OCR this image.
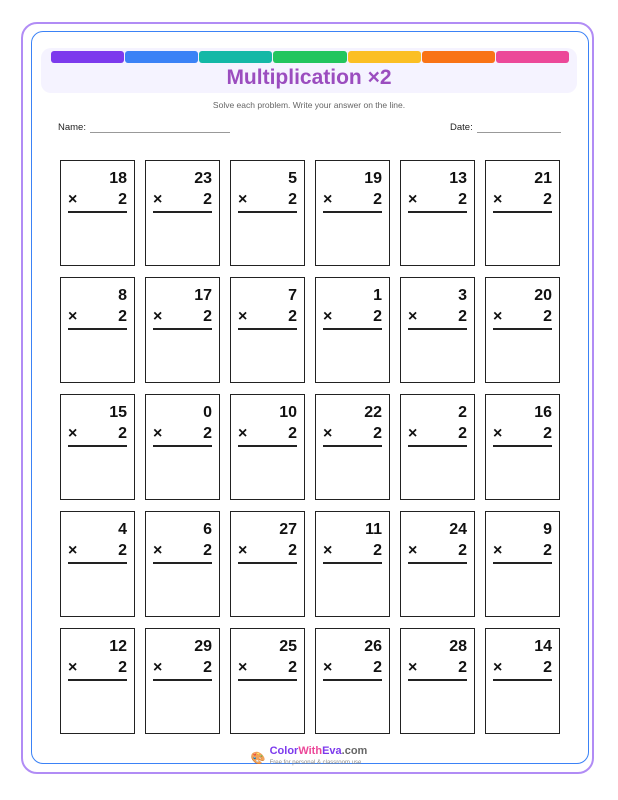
Multiplication ×2
Solve each problem. Write your answer on the line.
Name:	Date:
18
×	2
23
×	2
5
×	2
19
×	2
13
×	2
21
×	2
8
×	2
17
×	2
7
×	2
1
×	2
3
×	2
20
×	2
15
×	2
0
×	2
10
×	2
22
×	2
2
×	2
16
×	2
4
×	2
6
×	2
27
×	2
11
×	2
24
×	2
9
×	2
12
×	2
29
×	2
25
×	2
26
×	2
28
×	2
14
×	2
🎨 ColorWithEva.com
Free for personal & classroom use
